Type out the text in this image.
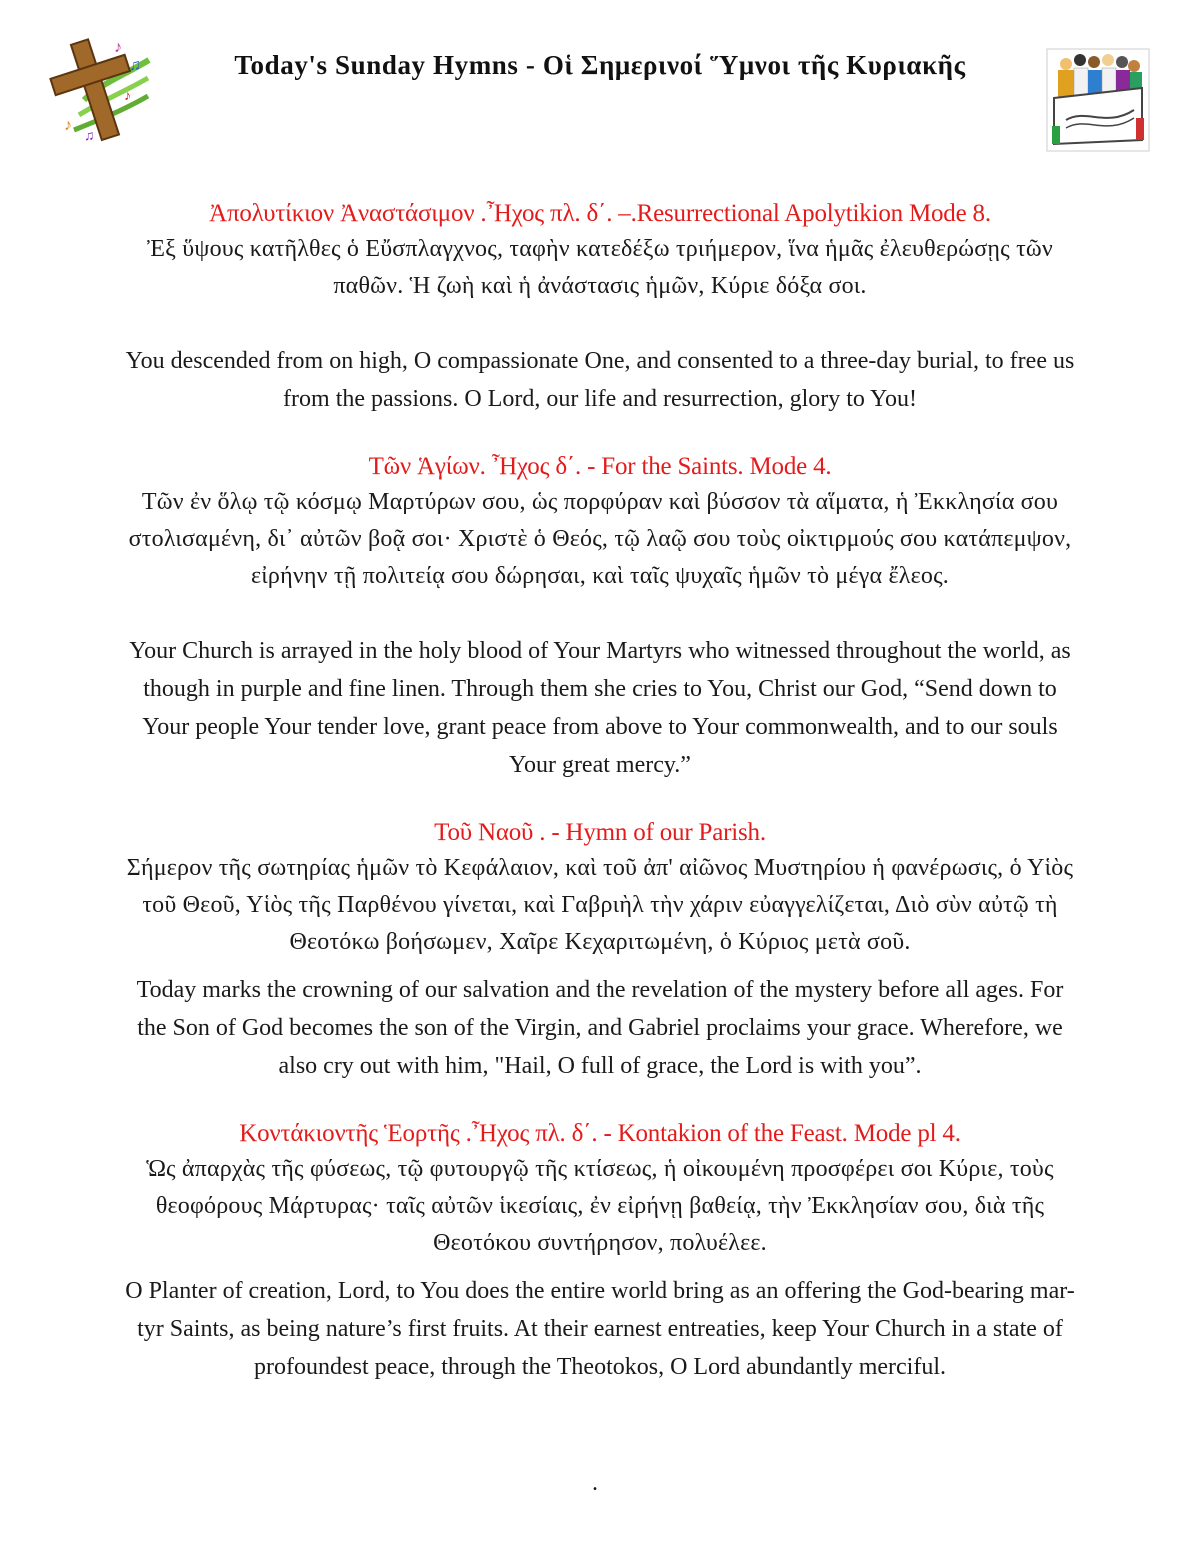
♪
♫
♪
♪
♫
Today's Sunday Hymns - Οἱ Σημερινοί Ὕμνοι τῆς Κυριακῆς

Ἀπολυτίκιον Ἀναστάσιμον .Ἦχος πλ. δ΄. –.Resurrectional Apolytikion Mode 8.

Ἐξ ὕψους κατῆλθες ὁ Εὔσπλαγχνος, ταφὴν κατεδέξω τριήμερον, ἵνα ἡμᾶς ἐλευθερώσῃς τῶν

παθῶν. Ἡ ζωὴ καὶ ἡ ἀνάστασις ἡμῶν, Κύριε δόξα σοι.

You descended from on high, O compassionate One, and consented to a three-day burial, to free us

from the passions. O Lord, our life and resurrection, glory to You!

Τῶν Ἁγίων. Ἦχος δ΄. - For the Saints. Mode 4.

Τῶν ἐν ὅλῳ τῷ κόσμῳ Μαρτύρων σου, ὡς πορφύραν καὶ βύσσον τὰ αἵματα, ἡ Ἐκκλησία σου

στολισαμένη, δι᾽ αὐτῶν βοᾷ σοι· Χριστὲ ὁ Θεός, τῷ λαῷ σου τοὺς οἰκτιρμούς σου κατάπεμψον,

εἰρήνην τῇ πολιτείᾳ σου δώρησαι, καὶ ταῖς ψυχαῖς ἡμῶν τὸ μέγα ἔλεος.

Your Church is arrayed in the holy blood of Your Martyrs who witnessed throughout the world, as

though in purple and fine linen. Through them she cries to You, Christ our God, “Send down to

Your people Your tender love, grant peace from above to Your commonwealth, and to our souls

Your great mercy.”

Τοῦ Ναοῦ . - Hymn of our Parish.

Σήμερον τῆς σωτηρίας ἡμῶν τὸ Κεφάλαιον, καὶ τοῦ ἀπ' αἰῶνος Μυστηρίου ἡ φανέρωσις, ὁ Υἱὸς

τοῦ Θεοῦ, Υἱὸς τῆς Παρθένου γίνεται, καὶ Γαβριὴλ τὴν χάριν εὐαγγελίζεται, Διὸ σὺν αὐτῷ τὴ

Θεοτόκω βοήσωμεν, Χαῖρε Κεχαριτωμένη, ὁ Κύριος μετὰ σοῦ.

Today marks the crowning of our salvation and the revelation of the mystery before all ages. For

the Son of God becomes the son of the Virgin, and Gabriel proclaims your grace. Wherefore, we

also cry out with him, "Hail, O full of grace, the Lord is with you”.

Κοντάκιοντῆς Ἑορτῆς .Ἦχος πλ. δ΄. - Kontakion of the Feast. Mode pl 4.

Ὡς ἀπαρχὰς τῆς φύσεως, τῷ φυτουργῷ τῆς κτίσεως, ἡ οἰκουμένη προσφέρει σοι Κύριε, τοὺς

θεοφόρους Μάρτυρας· ταῖς αὐτῶν ἱκεσίαις, ἐν εἰρήνῃ βαθείᾳ, τὴν Ἐκκλησίαν σου, διὰ τῆς

Θεοτόκου συντήρησον, πολυέλεε.

O Planter of creation, Lord, to You does the entire world bring as an offering the God-bearing mar-

tyr Saints, as being nature’s first fruits. At their earnest entreaties, keep Your Church in a state of

profoundest peace, through the Theotokos, O Lord abundantly merciful.

.
